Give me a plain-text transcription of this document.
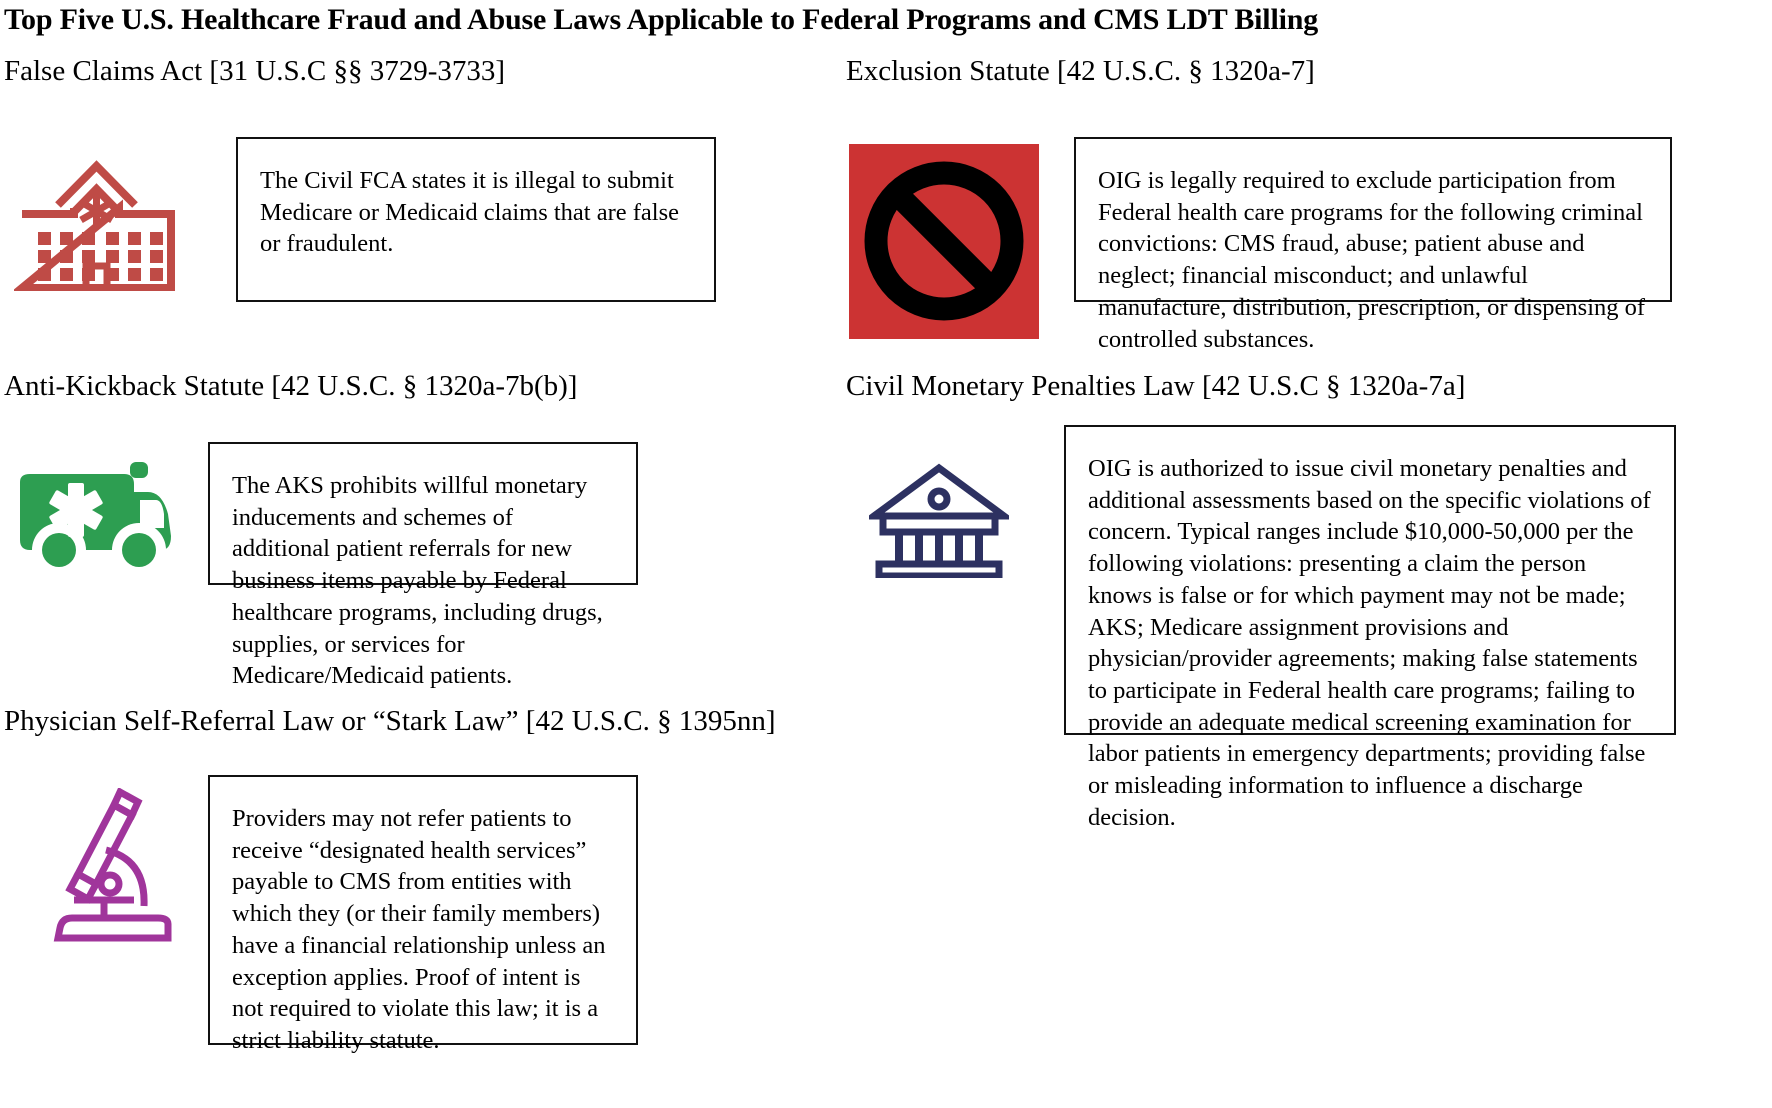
Top Five U.S. Healthcare Fraud and Abuse Laws Applicable to Federal Programs and CMS LDT Billing
False Claims Act [31 U.S.C §§ 3729-3733]

The Civil FCA states it is illegal to submit Medicare or Medicaid claims that are false or fraudulent.

Exclusion Statute [42 U.S.C. § 1320a-7]

OIG is legally required to exclude participation from Federal health care programs for the following criminal convictions: CMS fraud, abuse; patient abuse and neglect; financial misconduct; and unlawful manufacture, distribution, prescription, or dispensing of controlled substances.

Anti-Kickback Statute [42 U.S.C. § 1320a-7b(b)]

The AKS prohibits willful monetary inducements and schemes of additional patient referrals for new business items payable by Federal healthcare programs, including drugs, supplies, or services for Medicare/Medicaid patients.

Civil Monetary Penalties Law [42 U.S.C § 1320a-7a]

OIG is authorized to issue civil monetary penalties and additional assessments based on the specific violations of concern. Typical ranges include $10,000-50,000 per the following violations: presenting a claim the person knows is false or for which payment may not be made; AKS; Medicare assignment provisions and physician/provider agreements; making false statements to participate in Federal health care programs; failing to provide an adequate medical screening examination for labor patients in emergency departments; providing false or misleading information to influence a discharge decision.

Physician Self-Referral Law or “Stark Law” [42 U.S.C. § 1395nn]

Providers may not refer patients to receive “designated health services” payable to CMS from entities with which they (or their family members) have a financial relationship unless an exception applies. Proof of intent is not required to violate this law; it is a strict liability statute.
